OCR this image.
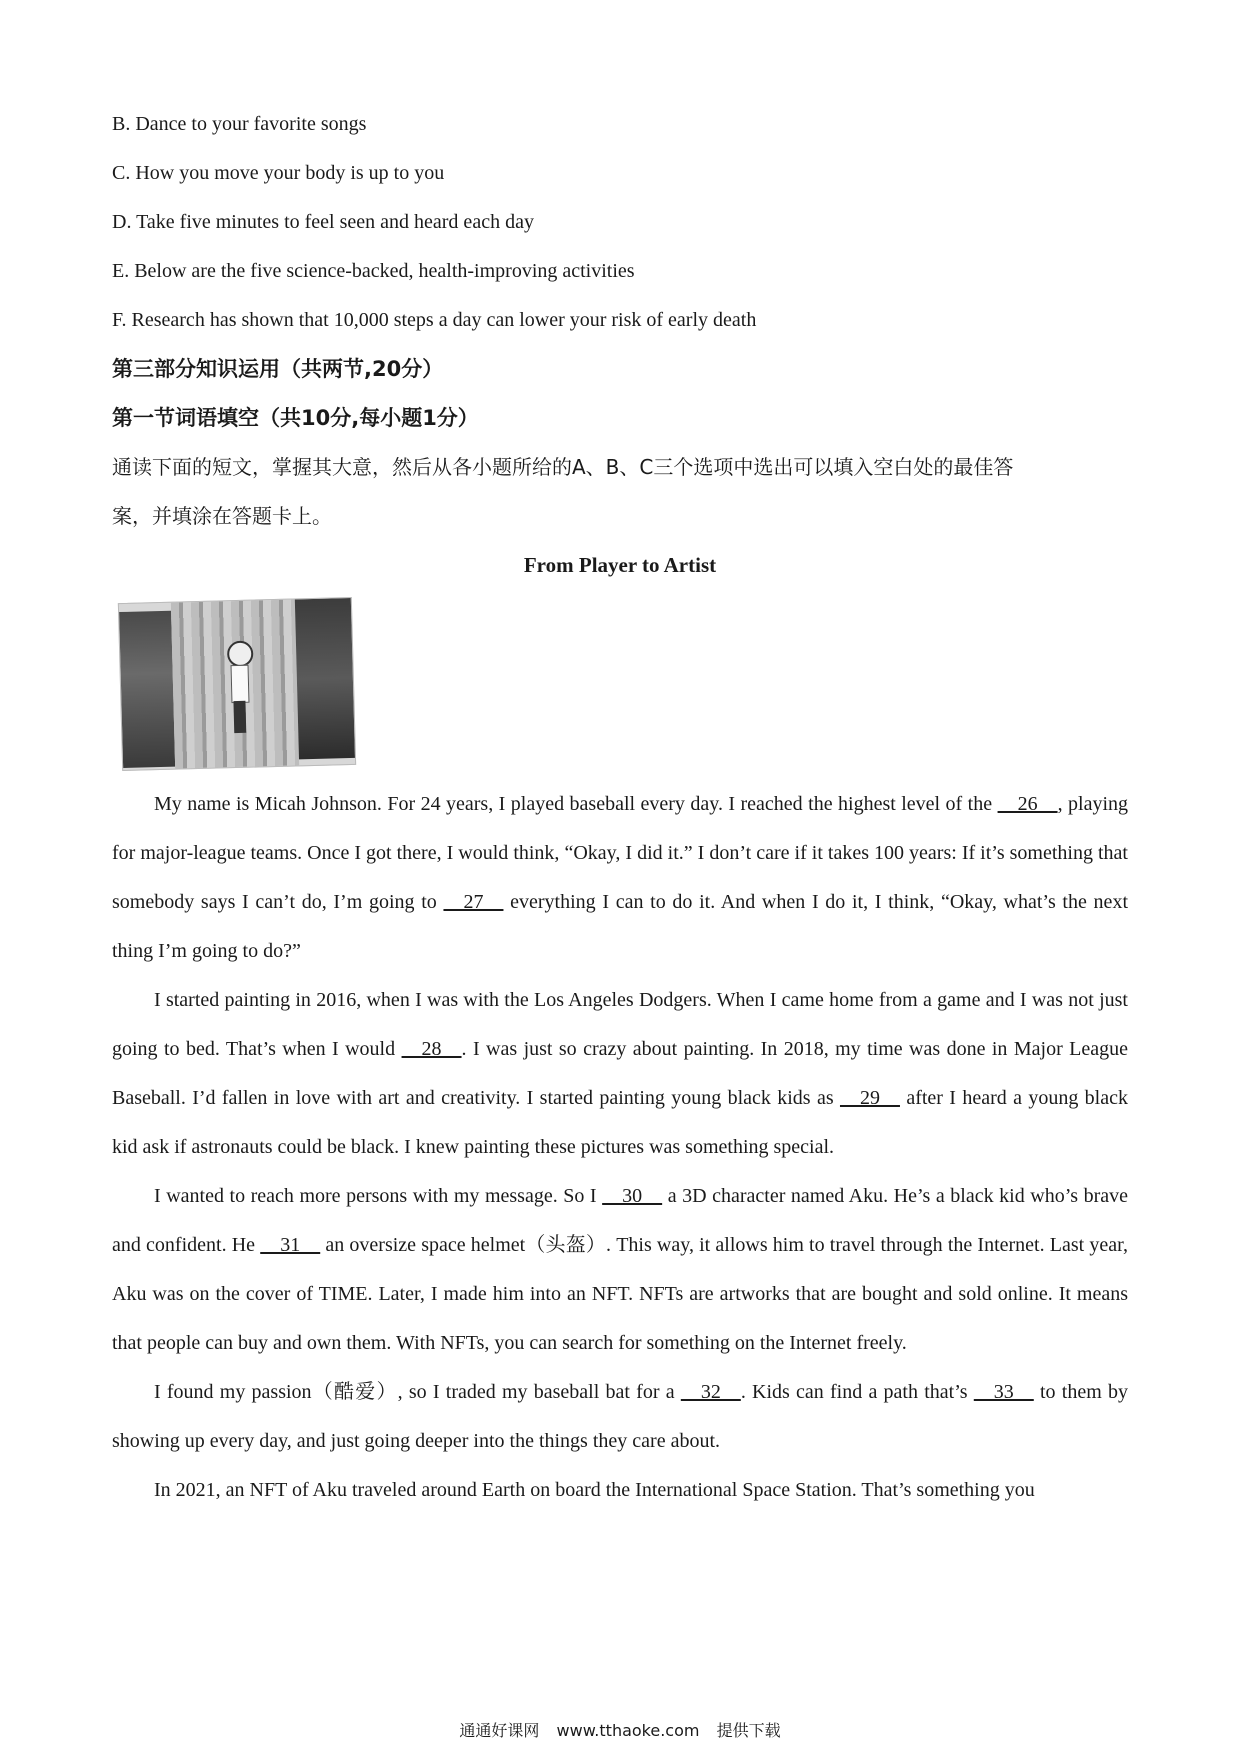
B. Dance to your favorite songs
C. How you move your body is up to you
D. Take five minutes to feel seen and heard each day
E. Below are the five science-backed, health-improving activities
F. Research has shown that 10,000 steps a day can lower your risk of early death
第三部分知识运用（共两节,20分）
第一节词语填空（共10分,每小题1分）
通读下面的短文，掌握其大意，然后从各小题所给的A、B、C三个选项中选出可以填入空白处的最佳答
案，并填涂在答题卡上。
From Player to Artist
My name is Micah Johnson. For 24 years, I played baseball every day. I reached the highest level of the     26    , playing for major-league teams. Once I got there, I would think, “Okay, I did it.” I don’t care if it takes 100 years: If it’s something that somebody says I can’t do, I’m going to     27     everything I can to do it. And when I do it, I think, “Okay, what’s the next thing I’m going to do?”
I started painting in 2016, when I was with the Los Angeles Dodgers. When I came home from a game and I was not just going to bed. That’s when I would     28    . I was just so crazy about painting. In 2018, my time was done in Major League Baseball. I’d fallen in love with art and creativity. I started painting young black kids as     29     after I heard a young black kid ask if astronauts could be black. I knew painting these pictures was something special.
I wanted to reach more persons with my message. So I     30     a 3D character named Aku. He’s a black kid who’s brave and confident. He     31     an oversize space helmet（头盔）. This way, it allows him to travel through the Internet. Last year, Aku was on the cover of TIME. Later, I made him into an NFT. NFTs are artworks that are bought and sold online. It means that people can buy and own them. With NFTs, you can search for something on the Internet freely.
I found my passion（酷爱）, so I traded my baseball bat for a     32    . Kids can find a path that’s     33     to them by showing up every day, and just going deeper into the things they care about.
In 2021, an NFT of Aku traveled around Earth on board the International Space Station. That’s something you
通通好课网 www.tthaoke.com 提供下载
